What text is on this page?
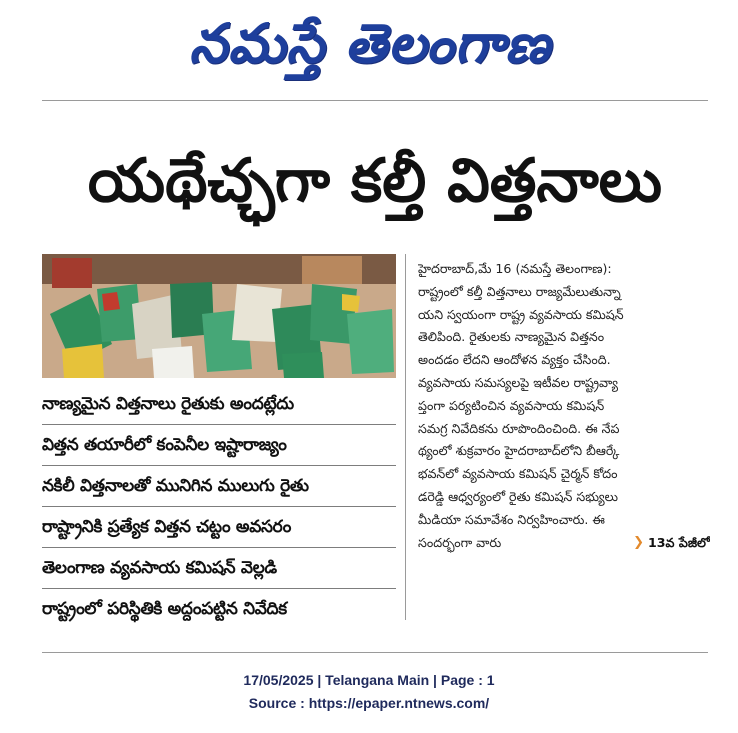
నమస్తే తెలంగాణ
యథేచ్ఛగా కల్తీ విత్తనాలు
నాణ్యమైన విత్తనాలు రైతుకు అందట్లేదు
విత్తన తయారీలో కంపెనీల ఇష్టారాజ్యం
నకిలీ విత్తనాలతో మునిగిన ములుగు రైతు
రాష్ట్రానికి ప్రత్యేక విత్తన చట్టం అవసరం
తెలంగాణ వ్యవసాయ కమిషన్ వెల్లడి
రాష్ట్రంలో పరిస్థితికి అద్దంపట్టిన నివేదిక
హైదరాబాద్,మే 16 (నమస్తే తెలంగాణ):
రాష్ట్రంలో కల్తీ విత్తనాలు రాజ్యమేలుతున్నా
యని స్వయంగా రాష్ట్ర వ్యవసాయ కమిషన్
తెలిపింది. రైతులకు నాణ్యమైన విత్తనం
అందడం లేదని ఆందోళన వ్యక్తం చేసింది.
వ్యవసాయ సమస్యలపై ఇటీవల రాష్ట్రవ్యా
ప్తంగా పర్యటించిన వ్యవసాయ కమిషన్
సమగ్ర నివేదికను రూపొందించింది. ఈ నేప
థ్యంలో శుక్రవారం హైదరాబాద్‌లోని బీఆర్కే
భవన్‌లో వ్యవసాయ కమిషన్ చైర్మన్ కోదం
డరెడ్డి ఆధ్వర్యంలో రైతు కమిషన్ సభ్యులు
మీడియా సమావేశం నిర్వహించారు. ఈ
సందర్భంగా వారు	❯ 13వ పేజీలో
17/05/2025 | Telangana Main | Page : 1
Source : https://epaper.ntnews.com/
